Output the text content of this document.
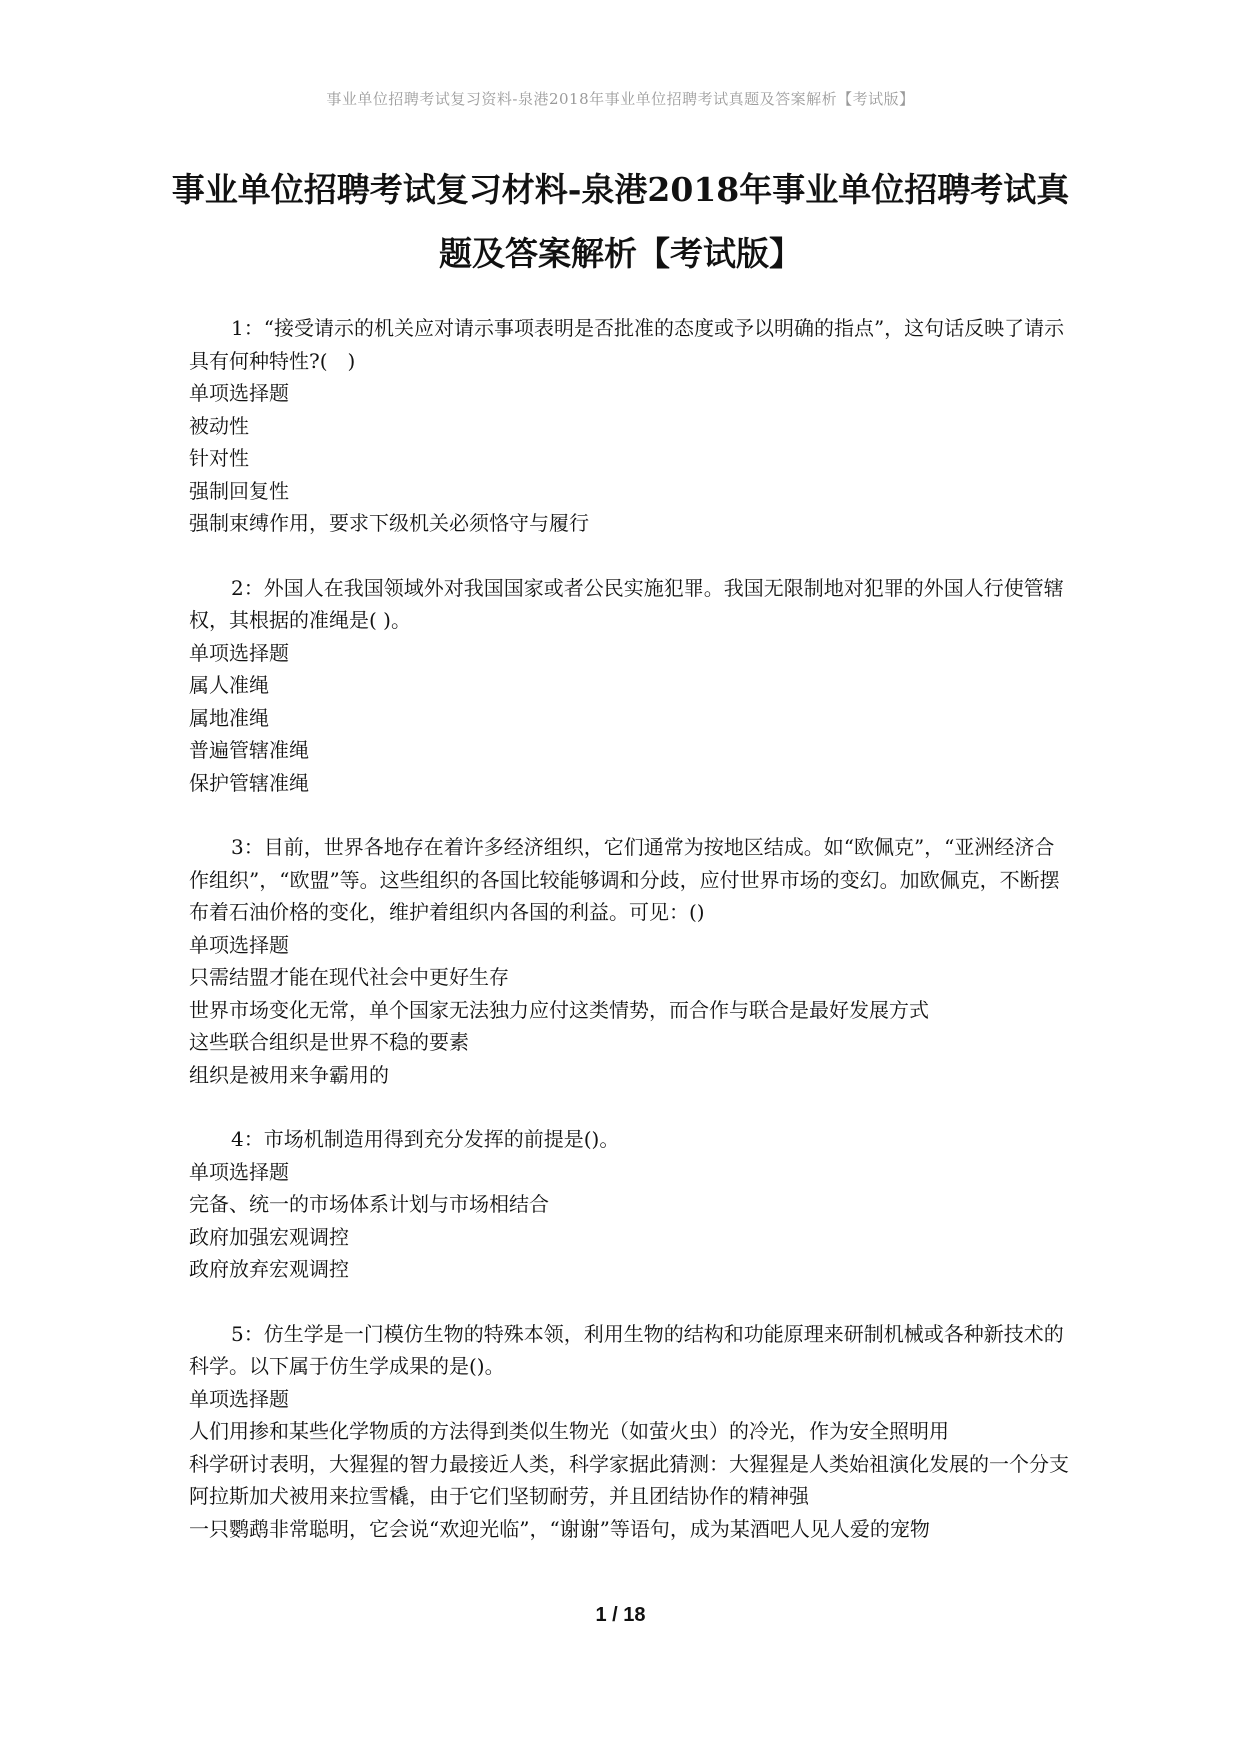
事业单位招聘考试复习资料-泉港2018年事业单位招聘考试真题及答案解析【考试版】
事业单位招聘考试复习材料-泉港2018年事业单位招聘考试真题及答案解析【考试版】

1：“接受请示的机关应对请示事项表明是否批准的态度或予以明确的指点”，这句话反映了请示具有何种特性?(　)

单项选择题

被动性

针对性

强制回复性

强制束缚作用，要求下级机关必须恪守与履行

2：外国人在我国领域外对我国国家或者公民实施犯罪。我国无限制地对犯罪的外国人行使管辖权，其根据的准绳是( )。

单项选择题

属人准绳

属地准绳

普遍管辖准绳

保护管辖准绳

3：目前，世界各地存在着许多经济组织，它们通常为按地区结成。如“欧佩克”，“亚洲经济合作组织”，“欧盟”等。这些组织的各国比较能够调和分歧，应付世界市场的变幻。加欧佩克，不断摆布着石油价格的变化，维护着组织内各国的利益。可见：()

单项选择题

只需结盟才能在现代社会中更好生存

世界市场变化无常，单个国家无法独力应付这类情势，而合作与联合是最好发展方式

这些联合组织是世界不稳的要素

组织是被用来争霸用的

4：市场机制造用得到充分发挥的前提是()。

单项选择题

完备、统一的市场体系计划与市场相结合

政府加强宏观调控

政府放弃宏观调控

5：仿生学是一门模仿生物的特殊本领，利用生物的结构和功能原理来研制机械或各种新技术的科学。以下属于仿生学成果的是()。

单项选择题

人们用掺和某些化学物质的方法得到类似生物光（如萤火虫）的冷光，作为安全照明用

科学研讨表明，大猩猩的智力最接近人类，科学家据此猜测：大猩猩是人类始祖演化发展的一个分支

阿拉斯加犬被用来拉雪橇，由于它们坚韧耐劳，并且团结协作的精神强

一只鹦鹉非常聪明，它会说“欢迎光临”，“谢谢”等语句，成为某酒吧人见人爱的宠物

1 / 18
